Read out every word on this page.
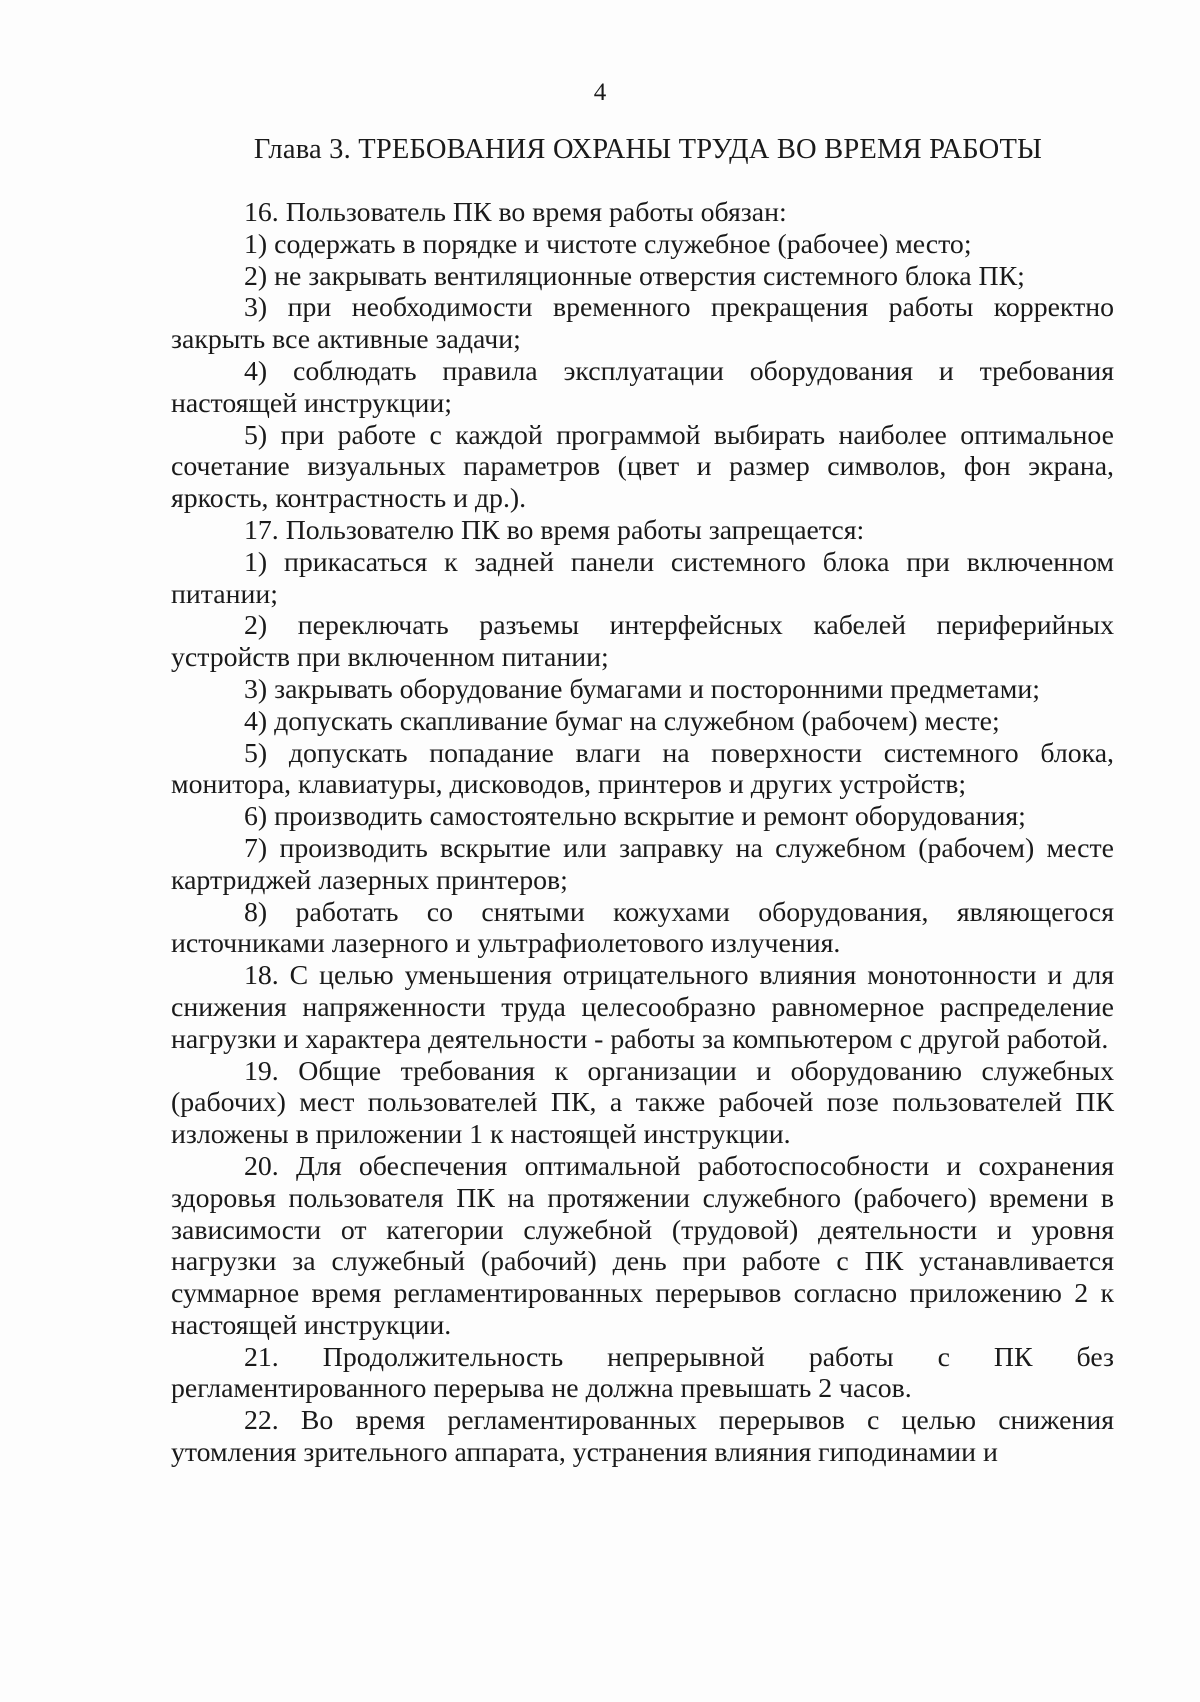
4
Глава 3. ТРЕБОВАНИЯ ОХРАНЫ ТРУДА ВО ВРЕМЯ РАБОТЫ

16. Пользователь ПК во время работы обязан:

1) содержать в порядке и чистоте служебное (рабочее) место;

2) не закрывать вентиляционные отверстия системного блока ПК;

3) при необходимости временного прекращения работы корректно закрыть все активные задачи;

4) соблюдать правила эксплуатации оборудования и требования настоящей инструкции;

5) при работе с каждой программой выбирать наиболее оптимальное сочетание визуальных параметров (цвет и размер символов, фон экрана, яркость, контрастность и др.).

17. Пользователю ПК во время работы запрещается:

1) прикасаться к задней панели системного блока при включенном питании;

2) переключать разъемы интерфейсных кабелей периферийных устройств при включенном питании;

3) закрывать оборудование бумагами и посторонними предметами;

4) допускать скапливание бумаг на служебном (рабочем) месте;

5) допускать попадание влаги на поверхности системного блока, монитора, клавиатуры, дисководов, принтеров и других устройств;

6) производить самостоятельно вскрытие и ремонт оборудования;

7) производить вскрытие или заправку на служебном (рабочем) месте картриджей лазерных принтеров;

8) работать со снятыми кожухами оборудования, являющегося источниками лазерного и ультрафиолетового излучения.

18. С целью уменьшения отрицательного влияния монотонности и для снижения напряженности труда целесообразно равномерное распределение нагрузки и характера деятельности - работы за компьютером с другой работой.

19. Общие требования к организации и оборудованию служебных (рабочих) мест пользователей ПК, а также рабочей позе пользователей ПК изложены в приложении 1 к настоящей инструкции.

20. Для обеспечения оптимальной работоспособности и сохранения здоровья пользователя ПК на протяжении служебного (рабочего) времени в зависимости от категории служебной (трудовой) деятельности и уровня нагрузки за служебный (рабочий) день при работе с ПК устанавливается суммарное время регламентированных перерывов согласно приложению 2 к настоящей инструкции.

21. Продолжительность непрерывной работы с ПК без регламентированного перерыва не должна превышать 2 часов.

22. Во время регламентированных перерывов с целью снижения утомления зрительного аппарата, устранения влияния гиподинамии и
